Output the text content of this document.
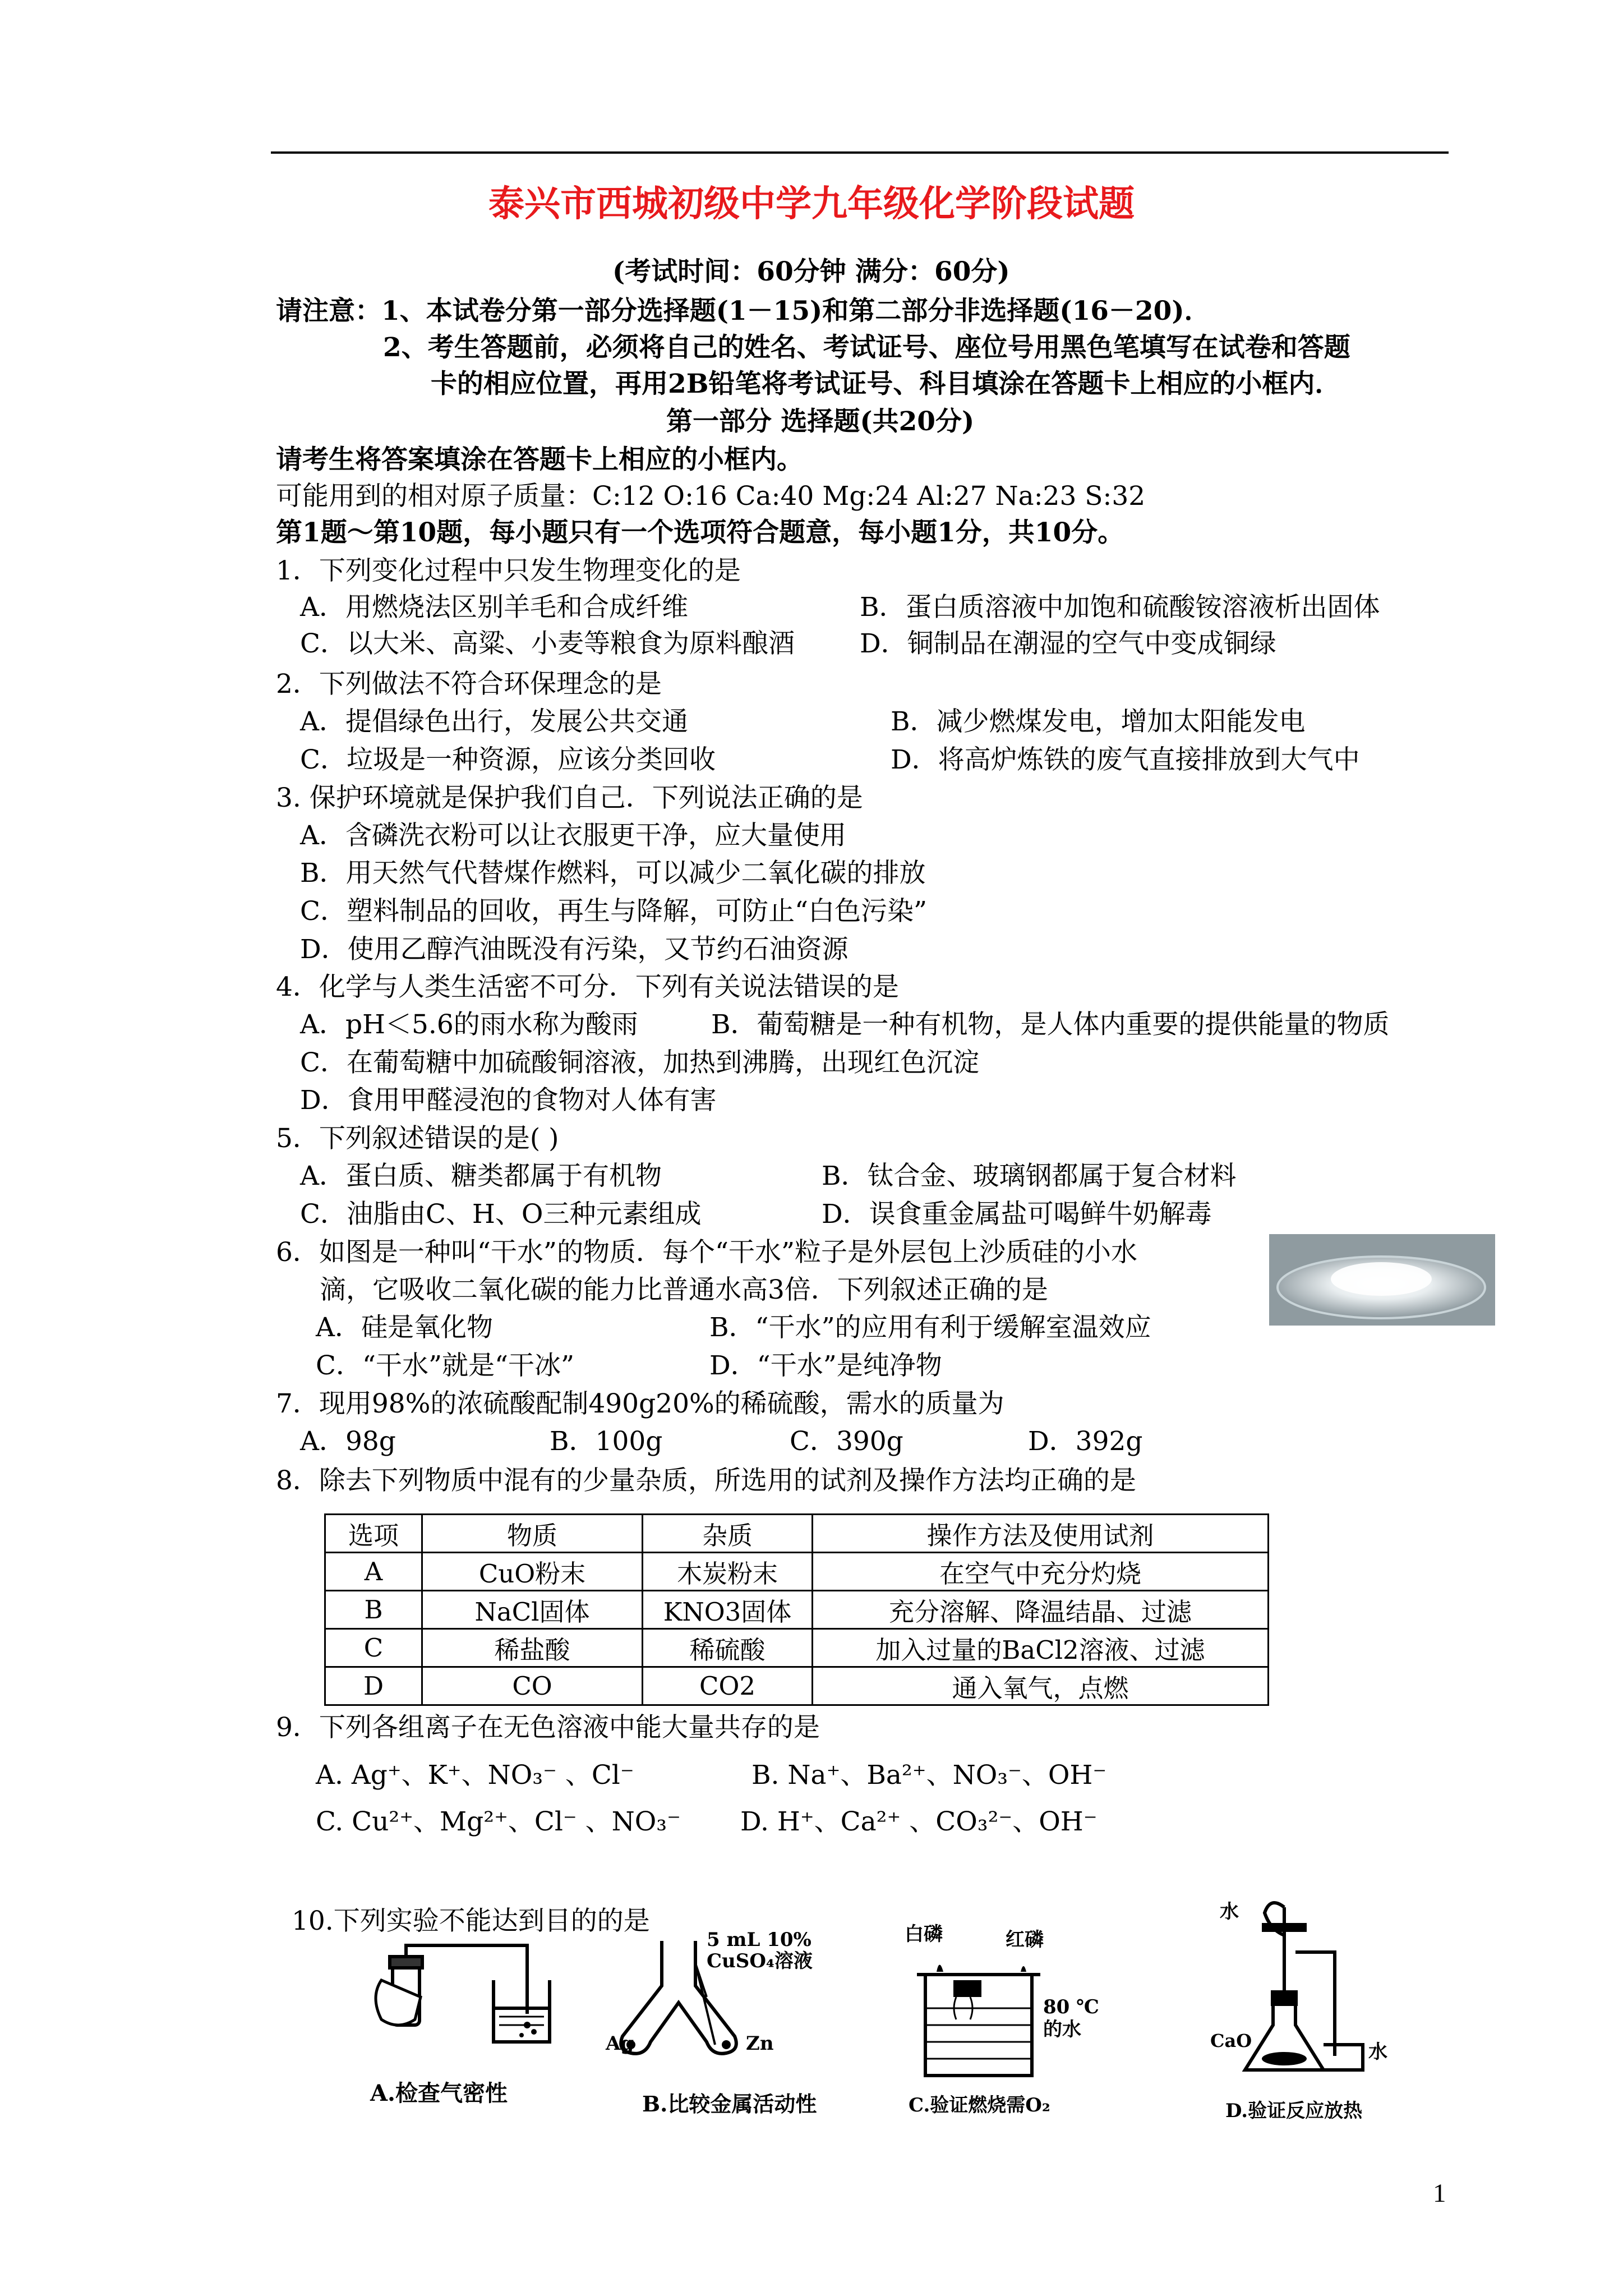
泰兴市西城初级中学九年级化学阶段试题
(考试时间：60分钟 满分：60分)
请注意：1、本试卷分第一部分选择题(1－15)和第二部分非选择题(16－20)．
2、考生答题前，必须将自己的姓名、考试证号、座位号用黑色笔填写在试卷和答题
卡的相应位置，再用2B铅笔将考试证号、科目填涂在答题卡上相应的小框内．
第一部分 选择题(共20分)
请考生将答案填涂在答题卡上相应的小框内。
可能用到的相对原子质量：C:12 O:16 Ca:40 Mg:24 Al:27 Na:23 S:32
第1题～第10题，每小题只有一个选项符合题意，每小题1分，共10分。
1．下列变化过程中只发生物理变化的是
A．用燃烧法区别羊毛和合成纤维	B．蛋白质溶液中加饱和硫酸铵溶液析出固体
C．以大米、高粱、小麦等粮食为原料酿酒 D．铜制品在潮湿的空气中变成铜绿
2．下列做法不符合环保理念的是
A．提倡绿色出行，发展公共交通	B．减少燃煤发电，增加太阳能发电
C．垃圾是一种资源，应该分类回收	D．将高炉炼铁的废气直接排放到大气中
3. 保护环境就是保护我们自己．下列说法正确的是
A．含磷洗衣粉可以让衣服更干净，应大量使用
B．用天然气代替煤作燃料，可以减少二氧化碳的排放
C．塑料制品的回收，再生与降解，可防止“白色污染”
D．使用乙醇汽油既没有污染，又节约石油资源
4．化学与人类生活密不可分．下列有关说法错误的是
A．pH＜5.6的雨水称为酸雨	B．葡萄糖是一种有机物，是人体内重要的提供能量的物质
C．在葡萄糖中加硫酸铜溶液，加热到沸腾，出现红色沉淀
D．食用甲醛浸泡的食物对人体有害
5．下列叙述错误的是( )
A．蛋白质、糖类都属于有机物	B．钛合金、玻璃钢都属于复合材料
C．油脂由C、H、O三种元素组成	D．误食重金属盐可喝鲜牛奶解毒
6．如图是一种叫“干水”的物质．每个“干水”粒子是外层包上沙质硅的小水
滴，它吸收二氧化碳的能力比普通水高3倍．下列叙述正确的是
A．硅是氧化物	B．“干水”的应用有利于缓解室温效应
C．“干水”就是“干冰”	D．“干水”是纯净物
7．现用98%的浓硫酸配制490g20%的稀硫酸，需水的质量为
A．98g	B．100g	C．390g	D．392g
8．除去下列物质中混有的少量杂质，所选用的试剂及操作方法均正确的是
选项	物质	杂质	操作方法及使用试剂
A	CuO粉末	木炭粉末	在空气中充分灼烧
B	NaCl固体	KNO3固体	充分溶解、降温结晶、过滤
C	稀盐酸	稀硫酸	加入过量的BaCl2溶液、过滤
D	CO	CO2	通入氧气，点燃
9．下列各组离子在无色溶液中能大量共存的是
A. Ag⁺、K⁺、NO₃⁻ 、Cl⁻	B. Na⁺、Ba²⁺、NO₃⁻、OH⁻
C. Cu²⁺、Mg²⁺、Cl⁻ 、NO₃⁻ D. H⁺、Ca²⁺ 、CO₃²⁻、OH⁻
10.下列实验不能达到目的的是
A.检查气密性
5 mL 10%
CuSO₄溶液
Ag	Zn
B.比较金属活动性
白磷	红磷
80 ℃
的水
C.验证燃烧需O₂
水
CaO	水
D.验证反应放热
1
